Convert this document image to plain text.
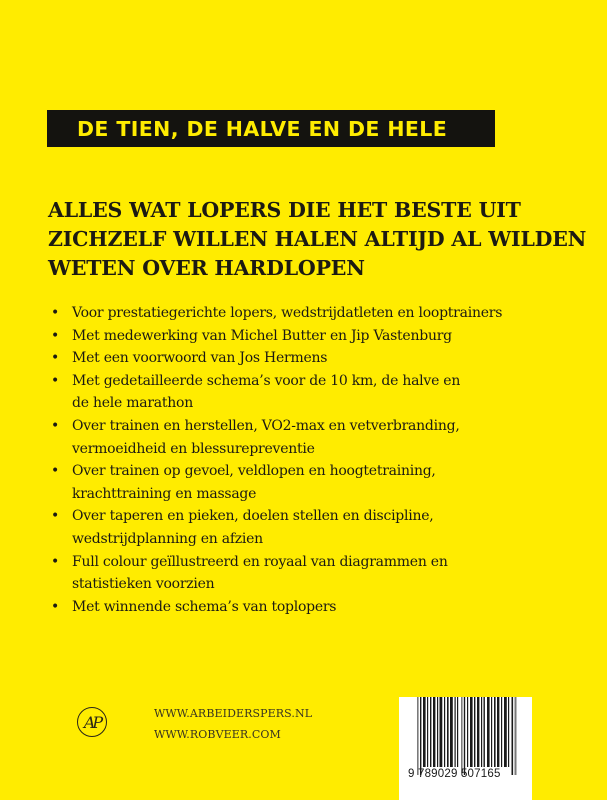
DE TIEN, DE HALVE EN DE HELE
ALLES WAT LOPERS DIE HET BESTE UIT
ZICHZELF WILLEN HALEN ALTIJD AL WILDEN
WETEN OVER HARDLOPEN
• Voor prestatiegerichte lopers, wedstrijdatleten en looptrainers
• Met medewerking van Michel Butter en Jip Vastenburg
• Met een voorwoord van Jos Hermens
• Met gedetailleerde schema’s voor de 10 km, de halve en
de hele marathon
• Over trainen en herstellen, VO2-max en vetverbranding,
vermoeidheid en blessurepreventie
• Over trainen op gevoel, veldlopen en hoogtetraining,
krachttraining en massage
• Over taperen en pieken, doelen stellen en discipline,
wedstrijdplanning en afzien
• Full colour geïllustreerd en royaal van diagrammen en
statistieken voorzien
• Met winnende schema’s van toplopers
AP	WWW.ARBEIDERSPERS.NL
WWW.ROBVEER.COM
9 789029 507165
